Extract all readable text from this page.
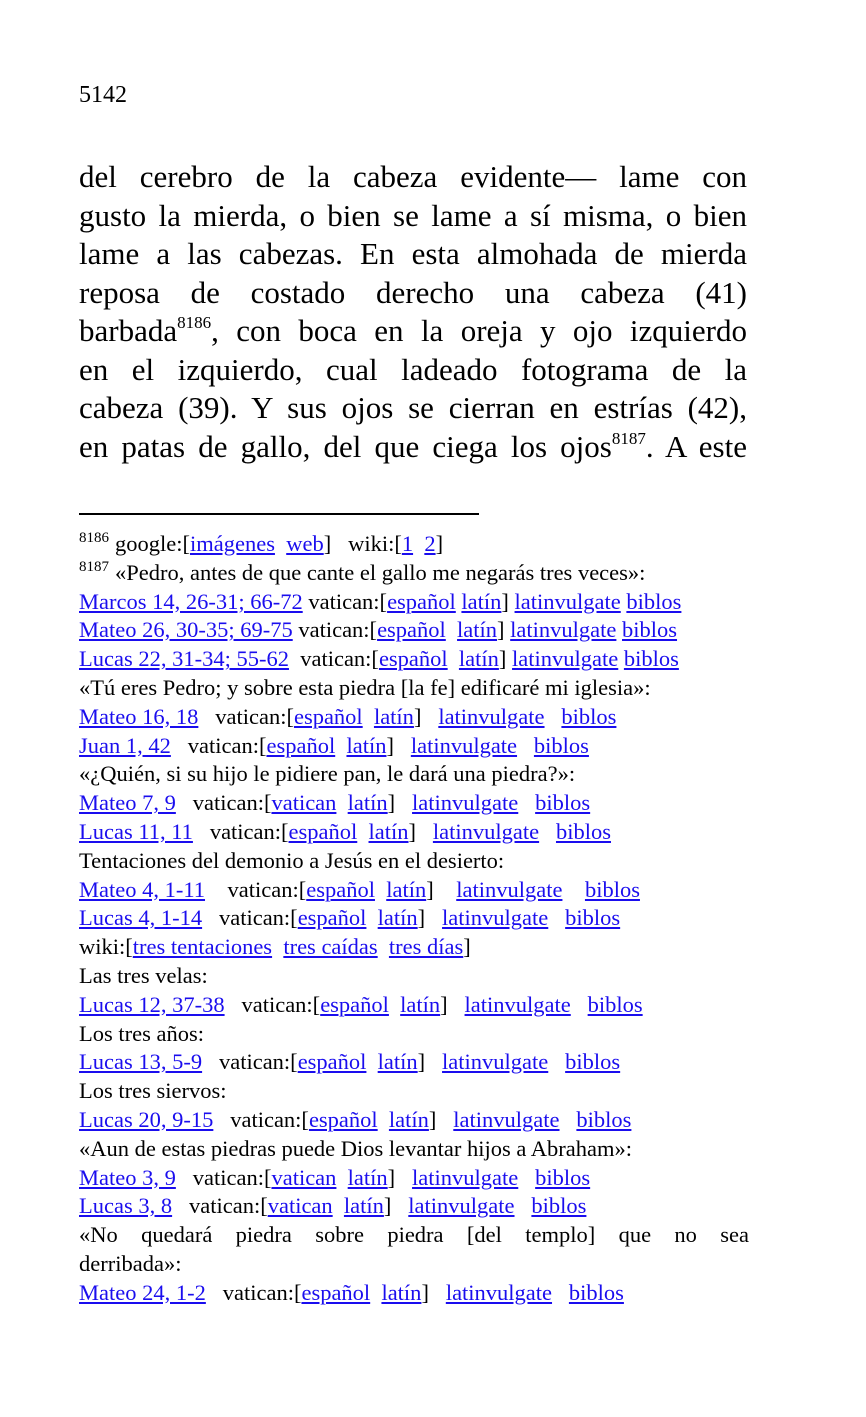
5142
del cerebro de la cabeza evidente— lame con
gusto la mierda, o bien se lame a sí misma, o bien
lame a las cabezas. En esta almohada de mierda
reposa de costado derecho una cabeza (41)
barbada$^{8186}$, con boca en la oreja y ojo izquierdo
en el izquierdo, cual ladeado fotograma de la
cabeza (39). Y sus ojos se cierran en estrías (42),
en patas de gallo, del que ciega los ojos$^{8187}$. A este
$^{8186}$ google:[imágenes web] wiki:[1 2]
$^{8187}$ «Pedro, antes de que cante el gallo me negarás tres veces»:
Marcos 14, 26-31; 66-72 vatican:[español latín] latinvulgate biblos
Mateo 26, 30-35; 69-75 vatican:[español latín] latinvulgate biblos
Lucas 22, 31-34; 55-62 vatican:[español latín] latinvulgate biblos
«Tú eres Pedro; y sobre esta piedra [la fe] edificaré mi iglesia»:
Mateo 16, 18 vatican:[español latín] latinvulgate biblos
Juan 1, 42 vatican:[español latín] latinvulgate biblos
«¿Quién, si su hijo le pidiere pan, le dará una piedra?»:
Mateo 7, 9 vatican:[vatican latín] latinvulgate biblos
Lucas 11, 11 vatican:[español latín] latinvulgate biblos
Tentaciones del demonio a Jesús en el desierto:
Mateo 4, 1-11 vatican:[español latín] latinvulgate biblos
Lucas 4, 1-14 vatican:[español latín] latinvulgate biblos
wiki:[tres tentaciones tres caídas tres días]
Las tres velas:
Lucas 12, 37-38 vatican:[español latín] latinvulgate biblos
Los tres años:
Lucas 13, 5-9 vatican:[español latín] latinvulgate biblos
Los tres siervos:
Lucas 20, 9-15 vatican:[español latín] latinvulgate biblos
«Aun de estas piedras puede Dios levantar hijos a Abraham»:
Mateo 3, 9 vatican:[vatican latín] latinvulgate biblos
Lucas 3, 8 vatican:[vatican latín] latinvulgate biblos
«No quedará piedra sobre piedra [del templo] que no sea
derribada»:
Mateo 24, 1-2 vatican:[español latín] latinvulgate biblos
